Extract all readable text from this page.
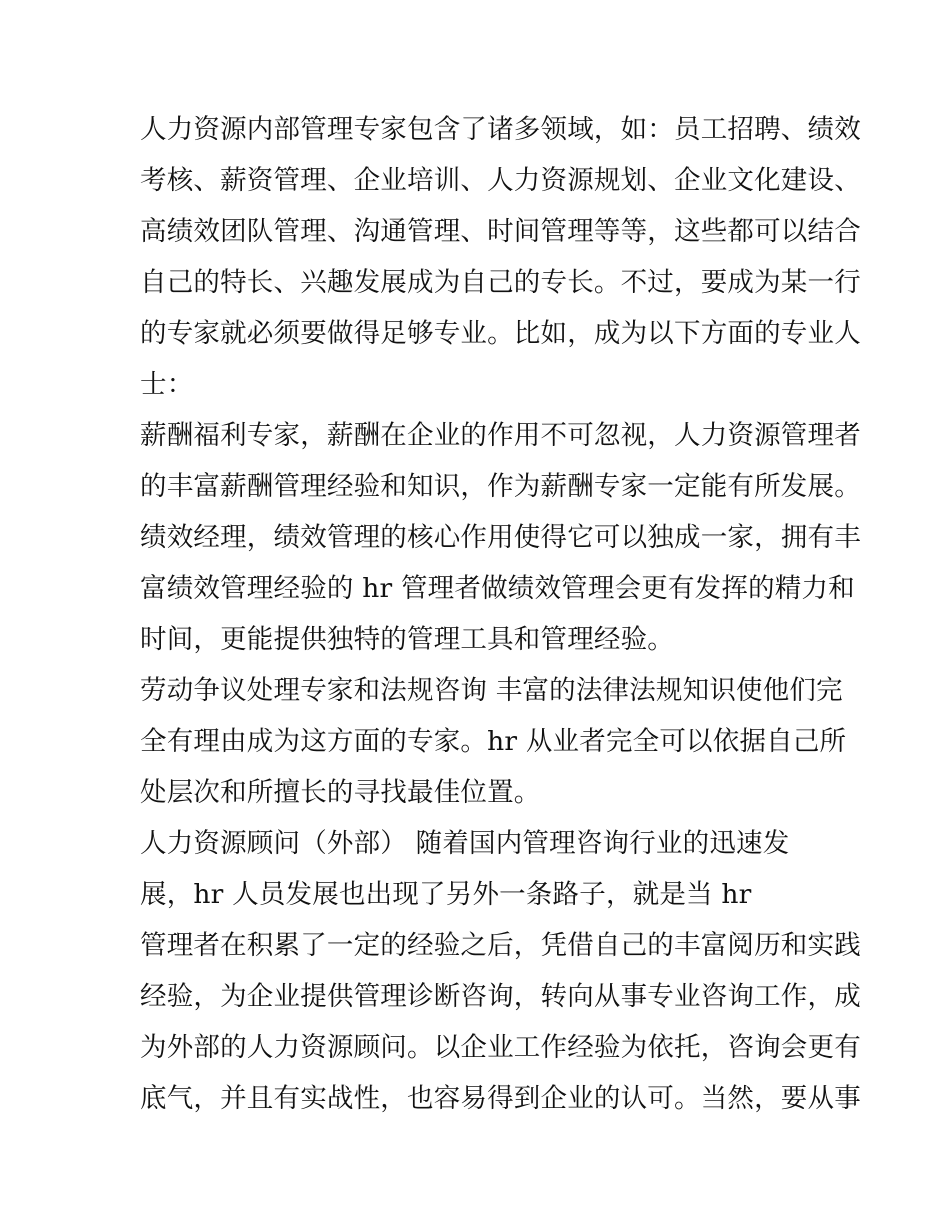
人力资源内部管理专家包含了诸多领域，如：员工招聘、绩效
考核、薪资管理、企业培训、人力资源规划、企业文化建设、
高绩效团队管理、沟通管理、时间管理等等，这些都可以结合
自己的特长、兴趣发展成为自己的专长。不过，要成为某一行
的专家就必须要做得足够专业。比如，成为以下方面的专业人
士：
薪酬福利专家，薪酬在企业的作用不可忽视，人力资源管理者
的丰富薪酬管理经验和知识，作为薪酬专家一定能有所发展。
绩效经理，绩效管理的核心作用使得它可以独成一家，拥有丰
富绩效管理经验的 hr 管理者做绩效管理会更有发挥的精力和
时间，更能提供独特的管理工具和管理经验。
劳动争议处理专家和法规咨询 丰富的法律法规知识使他们完
全有理由成为这方面的专家。hr 从业者完全可以依据自己所
处层次和所擅长的寻找最佳位置。
人力资源顾问（外部） 随着国内管理咨询行业的迅速发
展，hr 人员发展也出现了另外一条路子，就是当 hr
管理者在积累了一定的经验之后，凭借自己的丰富阅历和实践
经验，为企业提供管理诊断咨询，转向从事专业咨询工作，成
为外部的人力资源顾问。以企业工作经验为依托，咨询会更有
底气，并且有实战性，也容易得到企业的认可。当然，要从事
